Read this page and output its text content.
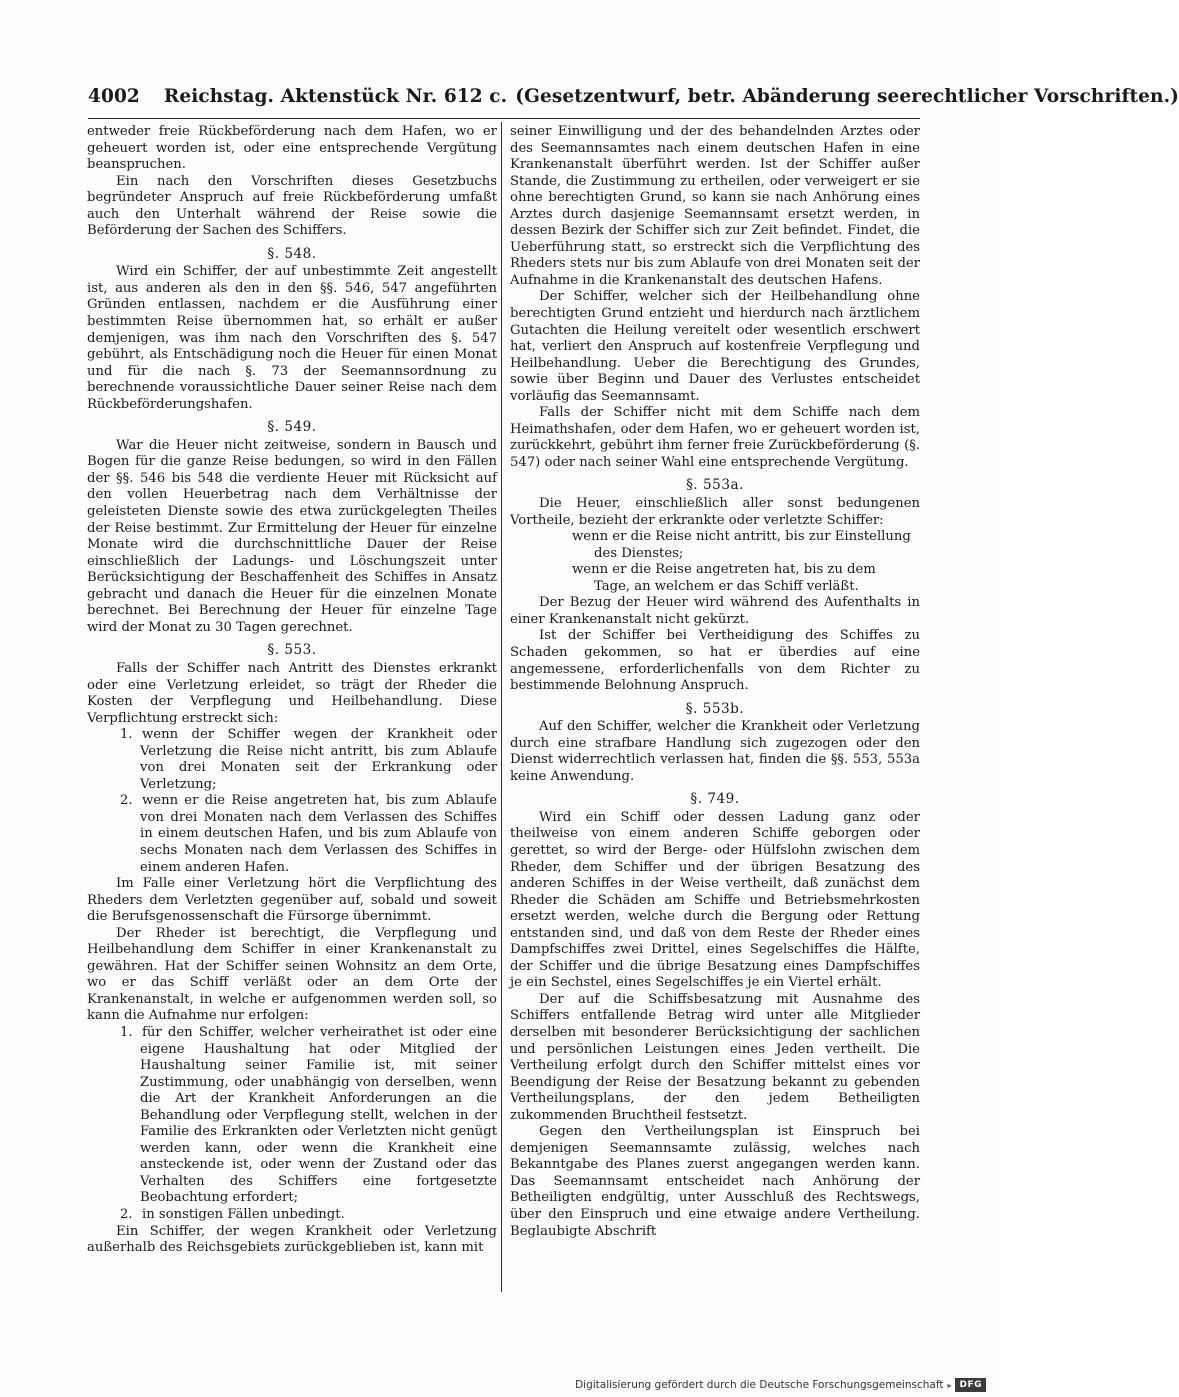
4002 Reichstag. Aktenstück Nr. 612 c. (Gesetzentwurf, betr. Abänderung seerechtlicher Vorschriften.)

entweder freie Rückbeförderung nach dem Hafen, wo er geheuert worden ist, oder eine entsprechende Vergütung beanspruchen.

Ein nach den Vorschriften dieses Gesetzbuchs begründeter Anspruch auf freie Rückbeförderung umfaßt auch den Unterhalt während der Reise sowie die Beförderung der Sachen des Schiffers.

§. 548.

Wird ein Schiffer, der auf unbestimmte Zeit angestellt ist, aus anderen als den in den §§. 546, 547 angeführten Gründen entlassen, nachdem er die Ausführung einer bestimmten Reise übernommen hat, so erhält er außer demjenigen, was ihm nach den Vorschriften des §. 547 gebührt, als Entschädigung noch die Heuer für einen Monat und für die nach §. 73 der Seemannsordnung zu berechnende voraussichtliche Dauer seiner Reise nach dem Rückbeförderungshafen.

§. 549.

War die Heuer nicht zeitweise, sondern in Bausch und Bogen für die ganze Reise bedungen, so wird in den Fällen der §§. 546 bis 548 die verdiente Heuer mit Rücksicht auf den vollen Heuerbetrag nach dem Verhältnisse der geleisteten Dienste sowie des etwa zurückgelegten Theiles der Reise bestimmt. Zur Ermittelung der Heuer für einzelne Monate wird die durchschnittliche Dauer der Reise einschließlich der Ladungs- und Löschungszeit unter Berücksichtigung der Beschaffenheit des Schiffes in Ansatz gebracht und danach die Heuer für die einzelnen Monate berechnet. Bei Berechnung der Heuer für einzelne Tage wird der Monat zu 30 Tagen gerechnet.

§. 553.

Falls der Schiffer nach Antritt des Dienstes erkrankt oder eine Verletzung erleidet, so trägt der Rheder die Kosten der Verpflegung und Heilbehandlung. Diese Verpflichtung erstreckt sich:

1. wenn der Schiffer wegen der Krankheit oder Verletzung die Reise nicht antritt, bis zum Ablaufe von drei Monaten seit der Erkrankung oder Verletzung;
2. wenn er die Reise angetreten hat, bis zum Ablaufe von drei Monaten nach dem Verlassen des Schiffes in einem deutschen Hafen, und bis zum Ablaufe von sechs Monaten nach dem Verlassen des Schiffes in einem anderen Hafen.

Im Falle einer Verletzung hört die Verpflichtung des Rheders dem Verletzten gegenüber auf, sobald und soweit die Berufsgenossenschaft die Fürsorge übernimmt.

Der Rheder ist berechtigt, die Verpflegung und Heilbehandlung dem Schiffer in einer Krankenanstalt zu gewähren. Hat der Schiffer seinen Wohnsitz an dem Orte, wo er das Schiff verläßt oder an dem Orte der Krankenanstalt, in welche er aufgenommen werden soll, so kann die Aufnahme nur erfolgen:

1. für den Schiffer, welcher verheirathet ist oder eine eigene Haushaltung hat oder Mitglied der Haushaltung seiner Familie ist, mit seiner Zustimmung, oder unabhängig von derselben, wenn die Art der Krankheit Anforderungen an die Behandlung oder Verpflegung stellt, welchen in der Familie des Erkrankten oder Verletzten nicht genügt werden kann, oder wenn die Krankheit eine ansteckende ist, oder wenn der Zustand oder das Verhalten des Schiffers eine fortgesetzte Beobachtung erfordert;
2. in sonstigen Fällen unbedingt.

Ein Schiffer, der wegen Krankheit oder Verletzung außerhalb des Reichsgebiets zurückgeblieben ist, kann mit

seiner Einwilligung und der des behandelnden Arztes oder des Seemannsamtes nach einem deutschen Hafen in eine Krankenanstalt überführt werden. Ist der Schiffer außer Stande, die Zustimmung zu ertheilen, oder verweigert er sie ohne berechtigten Grund, so kann sie nach Anhörung eines Arztes durch dasjenige Seemannsamt ersetzt werden, in dessen Bezirk der Schiffer sich zur Zeit befindet. Findet, die Ueberführung statt, so erstreckt sich die Verpflichtung des Rheders stets nur bis zum Ablaufe von drei Monaten seit der Aufnahme in die Krankenanstalt des deutschen Hafens.

Der Schiffer, welcher sich der Heilbehandlung ohne berechtigten Grund entzieht und hierdurch nach ärztlichem Gutachten die Heilung vereitelt oder wesentlich erschwert hat, verliert den Anspruch auf kostenfreie Verpflegung und Heilbehandlung. Ueber die Berechtigung des Grundes, sowie über Beginn und Dauer des Verlustes entscheidet vorläufig das Seemannsamt.

Falls der Schiffer nicht mit dem Schiffe nach dem Heimathshafen, oder dem Hafen, wo er geheuert worden ist, zurückkehrt, gebührt ihm ferner freie Zurückbeförderung (§. 547) oder nach seiner Wahl eine entsprechende Vergütung.

§. 553a.

Die Heuer, einschließlich aller sonst bedungenen Vortheile, bezieht der erkrankte oder verletzte Schiffer:

wenn er die Reise nicht antritt, bis zur Einstellung
des Dienstes;
wenn er die Reise angetreten hat, bis zu dem
Tage, an welchem er das Schiff verläßt.

Der Bezug der Heuer wird während des Aufenthalts in einer Krankenanstalt nicht gekürzt.

Ist der Schiffer bei Vertheidigung des Schiffes zu Schaden gekommen, so hat er überdies auf eine angemessene, erforderlichenfalls von dem Richter zu bestimmende Belohnung Anspruch.

§. 553b.

Auf den Schiffer, welcher die Krankheit oder Verletzung durch eine strafbare Handlung sich zugezogen oder den Dienst widerrechtlich verlassen hat, finden die §§. 553, 553a keine Anwendung.

§. 749.

Wird ein Schiff oder dessen Ladung ganz oder theilweise von einem anderen Schiffe geborgen oder gerettet, so wird der Berge- oder Hülfslohn zwischen dem Rheder, dem Schiffer und der übrigen Besatzung des anderen Schiffes in der Weise vertheilt, daß zunächst dem Rheder die Schäden am Schiffe und Betriebsmehrkosten ersetzt werden, welche durch die Bergung oder Rettung entstanden sind, und daß von dem Reste der Rheder eines Dampfschiffes zwei Drittel, eines Segelschiffes die Hälfte, der Schiffer und die übrige Besatzung eines Dampfschiffes je ein Sechstel, eines Segelschiffes je ein Viertel erhält.

Der auf die Schiffsbesatzung mit Ausnahme des Schiffers entfallende Betrag wird unter alle Mitglieder derselben mit besonderer Berücksichtigung der sachlichen und persönlichen Leistungen eines Jeden vertheilt. Die Vertheilung erfolgt durch den Schiffer mittelst eines vor Beendigung der Reise der Besatzung bekannt zu gebenden Vertheilungsplans, der den jedem Betheiligten zukommenden Bruchtheil festsetzt.

Gegen den Vertheilungsplan ist Einspruch bei demjenigen Seemannsamte zulässig, welches nach Bekanntgabe des Planes zuerst angegangen werden kann. Das Seemannsamt entscheidet nach Anhörung der Betheiligten endgültig, unter Ausschluß des Rechtswegs, über den Einspruch und eine etwaige andere Vertheilung. Beglaubigte Abschrift

Digitalisierung gefördert durch die Deutsche Forschungsgemeinschaft ▸ DFG
